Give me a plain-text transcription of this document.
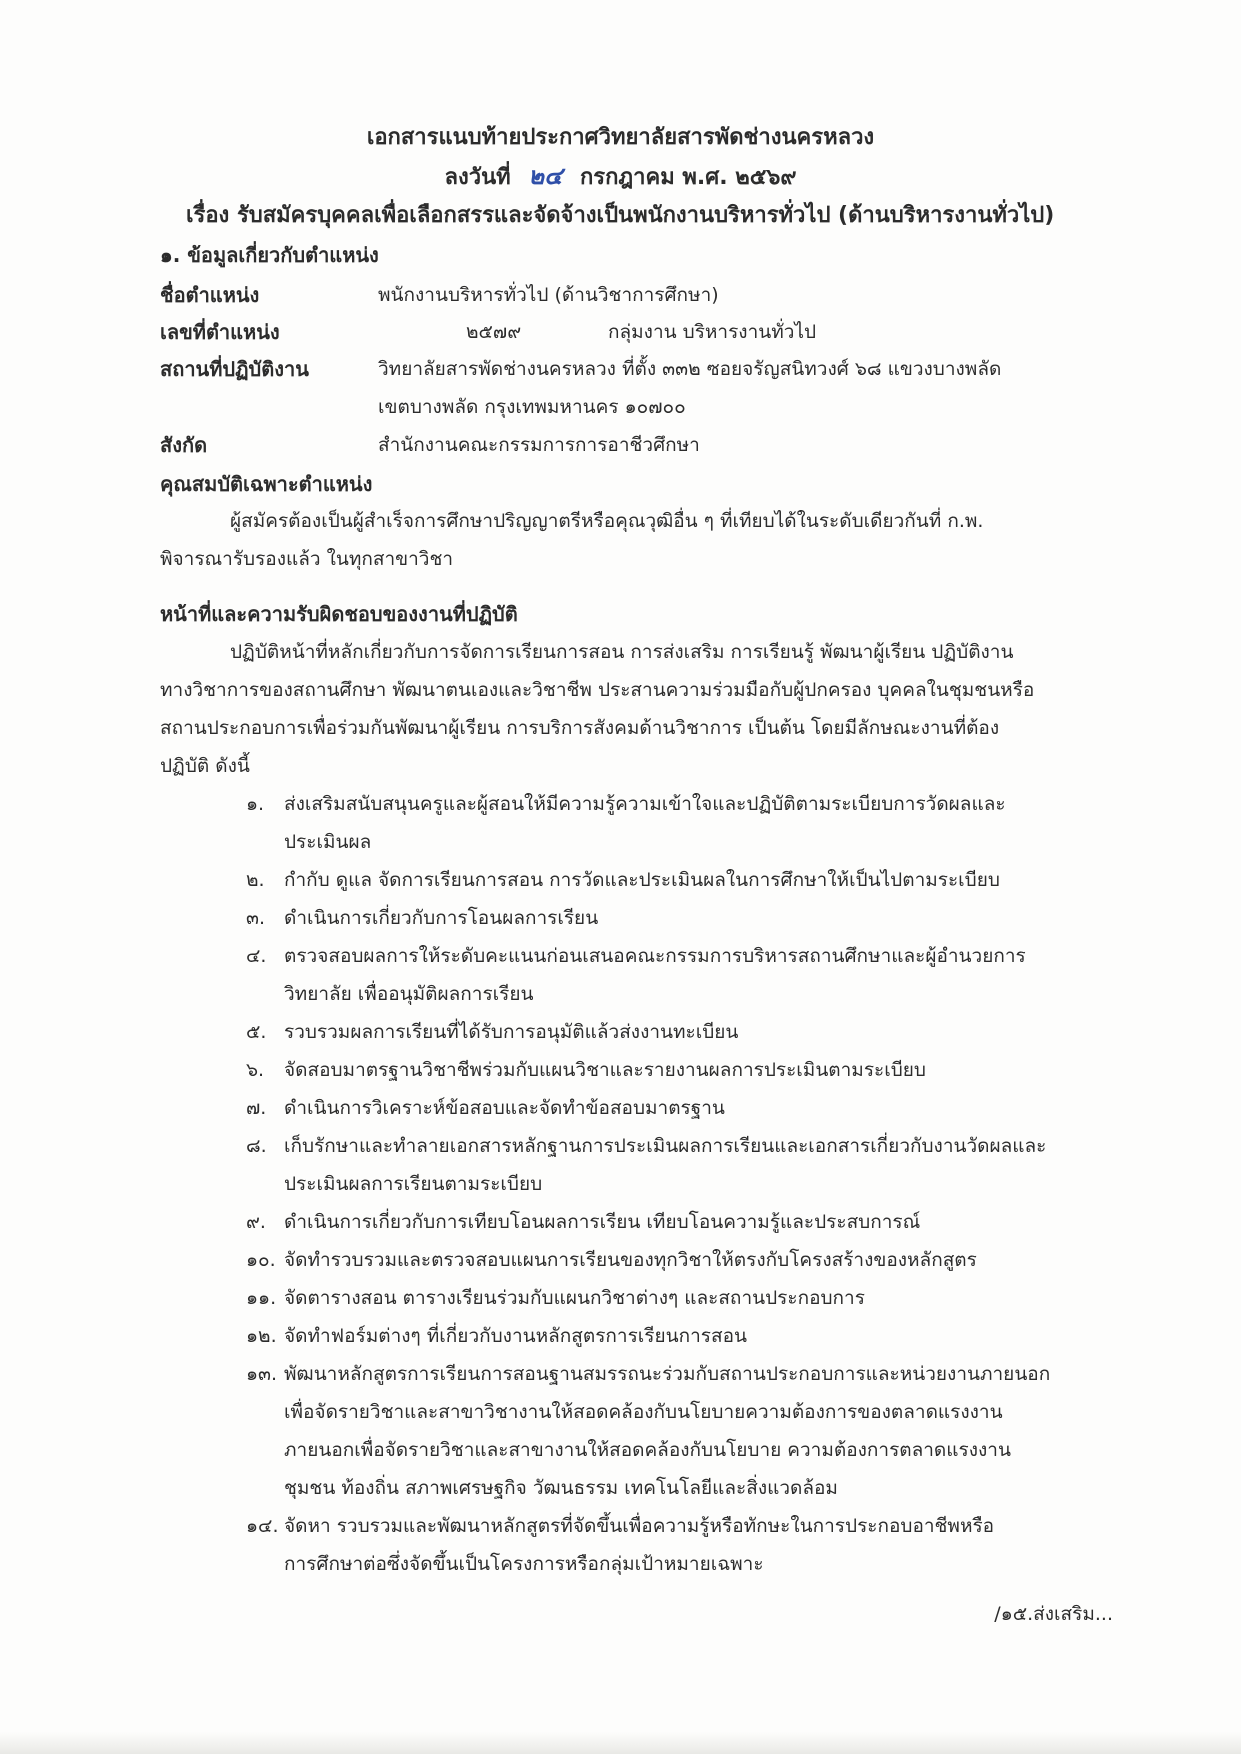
เอกสารแนบท้ายประกาศวิทยาลัยสารพัดช่างนครหลวง
ลงวันที่ ๒๔ กรกฎาคม พ.ศ. ๒๕๖๙
เรื่อง รับสมัครบุคคลเพื่อเลือกสรรและจัดจ้างเป็นพนักงานบริหารทั่วไป (ด้านบริหารงานทั่วไป)
๑. ข้อมูลเกี่ยวกับตำแหน่ง
ชื่อตำแหน่ง	พนักงานบริหารทั่วไป (ด้านวิชาการศึกษา)
เลขที่ตำแหน่ง	๒๕๗๙	กลุ่มงาน บริหารงานทั่วไป
สถานที่ปฏิบัติงาน	วิทยาลัยสารพัดช่างนครหลวง ที่ตั้ง ๓๓๒ ซอยจรัญสนิทวงศ์ ๖๘ แขวงบางพลัด
เขตบางพลัด กรุงเทพมหานคร ๑๐๗๐๐
สังกัด	สำนักงานคณะกรรมการการอาชีวศึกษา
คุณสมบัติเฉพาะตำแหน่ง
ผู้สมัครต้องเป็นผู้สำเร็จการศึกษาปริญญาตรีหรือคุณวุฒิอื่น ๆ ที่เทียบได้ในระดับเดียวกันที่ ก.พ.
พิจารณารับรองแล้ว ในทุกสาขาวิชา
หน้าที่และความรับผิดชอบของงานที่ปฏิบัติ
ปฏิบัติหน้าที่หลักเกี่ยวกับการจัดการเรียนการสอน การส่งเสริม การเรียนรู้ พัฒนาผู้เรียน ปฏิบัติงาน
ทางวิชาการของสถานศึกษา พัฒนาตนเองและวิชาชีพ ประสานความร่วมมือกับผู้ปกครอง บุคคลในชุมชนหรือ
สถานประกอบการเพื่อร่วมกันพัฒนาผู้เรียน การบริการสังคมด้านวิชาการ เป็นต้น โดยมีลักษณะงานที่ต้อง
ปฏิบัติ ดังนี้
๑. ส่งเสริมสนับสนุนครูและผู้สอนให้มีความรู้ความเข้าใจและปฏิบัติตามระเบียบการวัดผลและ
ประเมินผล
๒. กำกับ ดูแล จัดการเรียนการสอน การวัดและประเมินผลในการศึกษาให้เป็นไปตามระเบียบ
๓. ดำเนินการเกี่ยวกับการโอนผลการเรียน
๔. ตรวจสอบผลการให้ระดับคะแนนก่อนเสนอคณะกรรมการบริหารสถานศึกษาและผู้อำนวยการ
วิทยาลัย เพื่ออนุมัติผลการเรียน
๕. รวบรวมผลการเรียนที่ได้รับการอนุมัติแล้วส่งงานทะเบียน
๖. จัดสอบมาตรฐานวิชาชีพร่วมกับแผนวิชาและรายงานผลการประเมินตามระเบียบ
๗. ดำเนินการวิเคราะห์ข้อสอบและจัดทำข้อสอบมาตรฐาน
๘. เก็บรักษาและทำลายเอกสารหลักฐานการประเมินผลการเรียนและเอกสารเกี่ยวกับงานวัดผลและ
ประเมินผลการเรียนตามระเบียบ
๙. ดำเนินการเกี่ยวกับการเทียบโอนผลการเรียน เทียบโอนความรู้และประสบการณ์
๑๐. จัดทำรวบรวมและตรวจสอบแผนการเรียนของทุกวิชาให้ตรงกับโครงสร้างของหลักสูตร
๑๑. จัดตารางสอน ตารางเรียนร่วมกับแผนกวิชาต่างๆ และสถานประกอบการ
๑๒. จัดทำฟอร์มต่างๆ ที่เกี่ยวกับงานหลักสูตรการเรียนการสอน
๑๓. พัฒนาหลักสูตรการเรียนการสอนฐานสมรรถนะร่วมกับสถานประกอบการและหน่วยงานภายนอก
เพื่อจัดรายวิชาและสาขาวิชางานให้สอดคล้องกับนโยบายความต้องการของตลาดแรงงาน
ภายนอกเพื่อจัดรายวิชาและสาขางานให้สอดคล้องกับนโยบาย ความต้องการตลาดแรงงาน
ชุมชน ท้องถิ่น สภาพเศรษฐกิจ วัฒนธรรม เทคโนโลยีและสิ่งแวดล้อม
๑๔. จัดหา รวบรวมและพัฒนาหลักสูตรที่จัดขึ้นเพื่อความรู้หรือทักษะในการประกอบอาชีพหรือ
การศึกษาต่อซึ่งจัดขึ้นเป็นโครงการหรือกลุ่มเป้าหมายเฉพาะ
/๑๕.ส่งเสริม...
